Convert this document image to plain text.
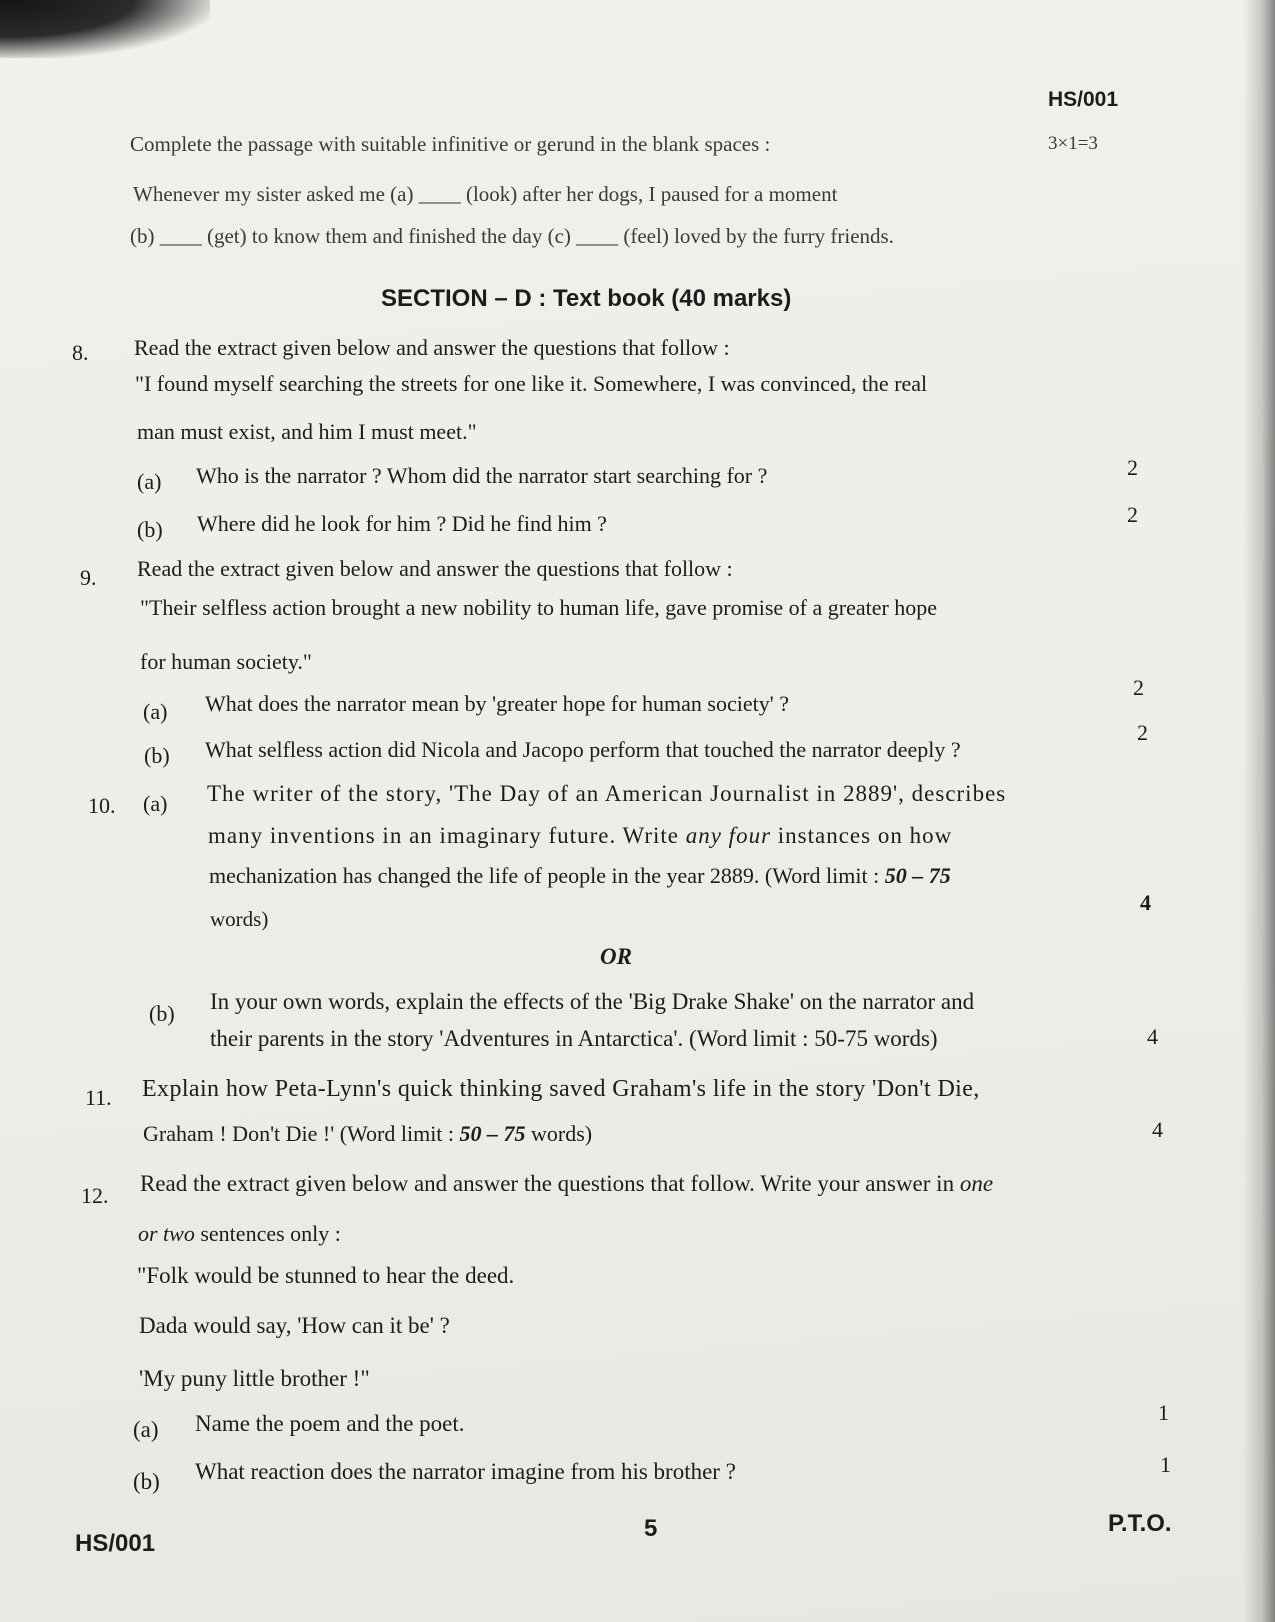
HS/001
Complete the passage with suitable infinitive or gerund in the blank spaces :	3×1=3
Whenever my sister asked me (a) ____ (look) after her dogs, I paused for a moment
(b) ____ (get) to know them and finished the day (c) ____ (feel) loved by the furry friends.
SECTION – D : Text book (40 marks)
8. Read the extract given below and answer the questions that follow :
"I found myself searching the streets for one like it. Somewhere, I was convinced, the real
man must exist, and him I must meet."
(a) Who is the narrator ? Whom did the narrator start searching for ?	2
(b) Where did he look for him ? Did he find him ?	2
9. Read the extract given below and answer the questions that follow :
"Their selfless action brought a new nobility to human life, gave promise of a greater hope
for human society."
(a) What does the narrator mean by 'greater hope for human society' ?
2
(b) What selfless action did Nicola and Jacopo perform that touched the narrator deeply ?
2
10. (a) The writer of the story, 'The Day of an American Journalist in 2889', describes
many inventions in an imaginary future. Write any four instances on how
mechanization has changed the life of people in the year 2889. (Word limit : 50 – 75
words)
4
OR
(b) In your own words, explain the effects of the 'Big Drake Shake' on the narrator and
their parents in the story 'Adventures in Antarctica'. (Word limit : 50-75 words)	4
11. Explain how Peta-Lynn's quick thinking saved Graham's life in the story 'Don't Die,
Graham ! Don't Die !' (Word limit : 50 – 75 words)	4
12. Read the extract given below and answer the questions that follow. Write your answer in one
or two sentences only :
"Folk would be stunned to hear the deed.
Dada would say, 'How can it be' ?
'My puny little brother !"
(a) Name the poem and the poet.	1
(b) What reaction does the narrator imagine from his brother ?	1
HS/001
5	P.T.O.
